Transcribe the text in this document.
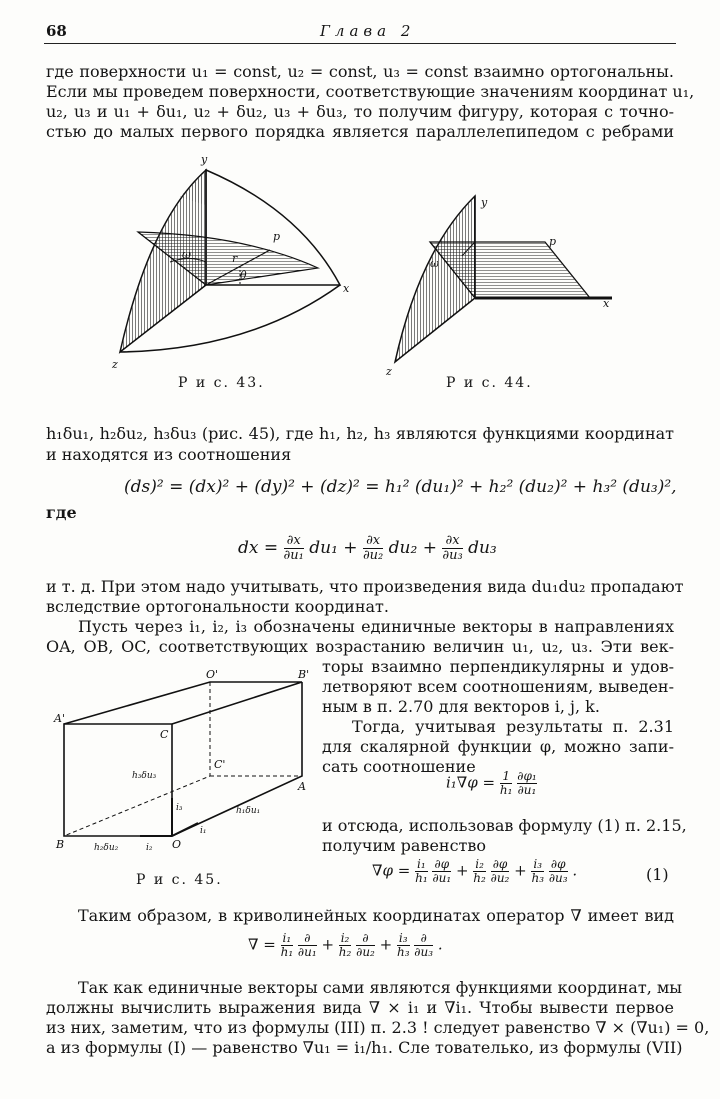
68	Глава 2
где поверхности u₁ = const, u₂ = const, u₃ = const взаимно ортогональны.
Если мы проведем поверхности, соответствующие значениям координат u₁,
u₂, u₃ и u₁ + δu₁, u₂ + δu₂, u₃ + δu₃, то получим фигуру, которая с точно-
стью до малых первого порядка является параллелепипедом с ребрами
y
x
z
p
ω	r
θ
y
x
z
p
ω
Р и с. 43.	Р и с. 44.
h₁δu₁, h₂δu₂, h₃δu₃ (рис. 45), где h₁, h₂, h₃ являются функциями координат
и находятся из соотношения
(ds)² = (dx)² + (dy)² + (dz)² = h₁² (du₁)² + h₂² (du₂)² + h₃² (du₃)²,
где
dx = $\frac{\partial x}{\text{∂u₁}} du_1 + \frac{\partial x}{\text{∂u₂}} du_2 + \frac{\partial x}{\text{∂u₃}} du_3$
и т. д. При этом надо учитывать, что произведения вида du₁du₂ пропадают
вследствие ортогональности координат.
Пусть через i₁, i₂, i₃ обозначены единичные векторы в направлениях
OA, OB, OC, соответствующих возрастанию величин u₁, u₂, u₃. Эти век-
торы взаимно перпендикулярны и удов-
летворяют всем соотношениям, выведен-
ным в п. 2.70 для векторов i, j, k.
Тогда, учитывая результаты п. 2.31
для скалярной функции φ, можно запи-
сать соотношение
$i_1\nabla\varphi = \frac{1}{\text{h₁}}$
$\frac{\text{∂φ₁}}{\text{∂u₁}}$
и отсюда, использовав формулу (1) п. 2.15,
получим равенство
A'
O'	B'
C
C'
A
B	O
h₃δu₃
h₁δu₁
h₂δu₂
i₁
i₂
i₃
Р и с. 45.
$\nabla\varphi = \frac{\text{i₁}}{\text{h₁}}$
$\frac{\partial\varphi}{\text{∂u₁}} + \frac{\text{i₂}}{\text{h₂}}$
$\frac{\partial\varphi}{\text{∂u₂}} + \frac{\text{i₃}}{\text{h₃}}$
$\frac{\partial\varphi}{\text{∂u₃}}$ .	(1)
Таким образом, в криволинейных координатах оператор ∇ имеет вид
∇ = $\frac{\text{i₁}}{\text{h₁}}$
∂
$\partial u_1 + \frac{\text{i₂}}{\text{h₂}}$
∂
$\partial u_2 + \frac{\text{i₃}}{\text{h₃}}$
∂
∂u₃ .
Так как единичные векторы сами являются функциями координат, мы
должны вычислить выражения вида ∇ × i₁ и ∇i₁. Чтобы вывести первое
из них, заметим, что из формулы (III) п. 2.3 ! следует равенство ∇ × (∇u₁) = 0,
а из формулы (I) — равенство ∇u₁ = i₁/h₁. Сле тователько, из формулы (VII)
